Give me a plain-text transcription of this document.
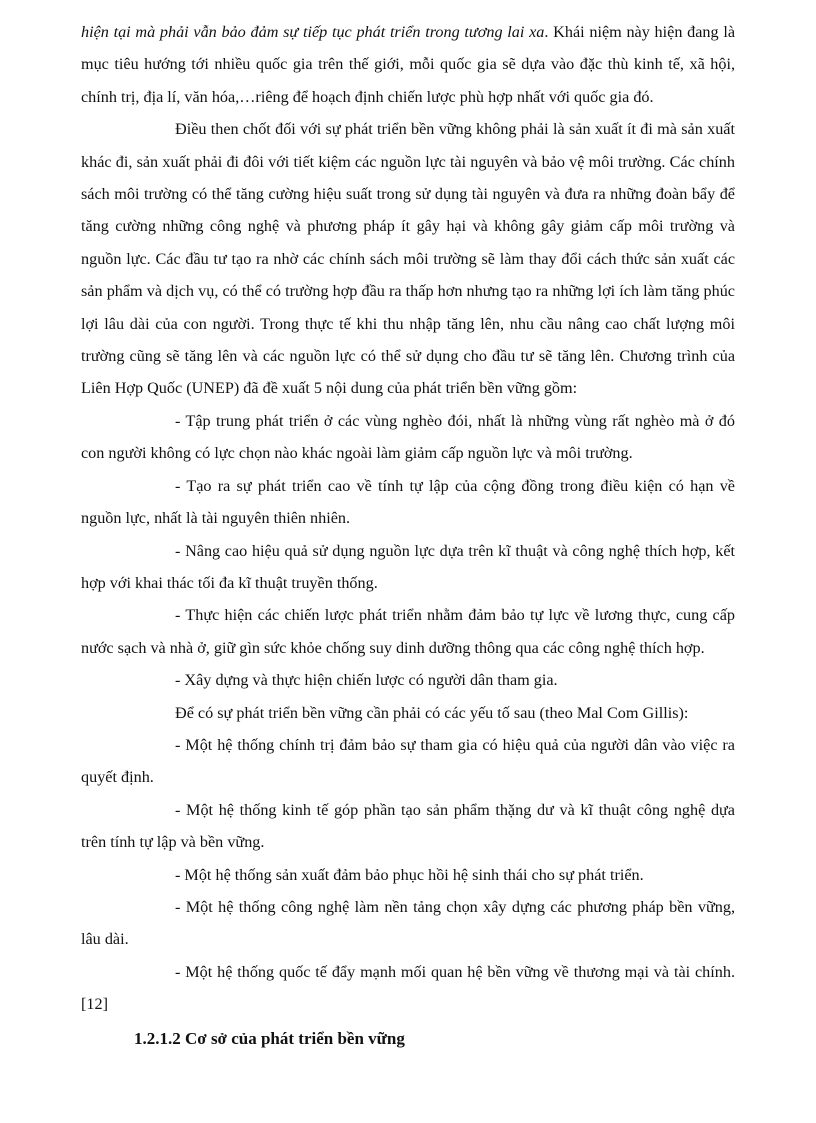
hiện tại mà phải vẫn bảo đảm sự tiếp tục phát triển trong tương lai xa. Khái niệm này hiện đang là mục tiêu hướng tới nhiều quốc gia trên thế giới, mỗi quốc gia sẽ dựa vào đặc thù kinh tế, xã hội, chính trị, địa lí, văn hóa,…riêng để hoạch định chiến lược phù hợp nhất với quốc gia đó.

Điều then chốt đối với sự phát triển bền vững không phải là sản xuất ít đi mà sản xuất khác đi, sản xuất phải đi đôi với tiết kiệm các nguồn lực tài nguyên và bảo vệ môi trường. Các chính sách môi trường có thể tăng cường hiệu suất trong sử dụng tài nguyên và đưa ra những đoàn bẩy để tăng cường những công nghệ và phương pháp ít gây hại và không gây giảm cấp môi trường và nguồn lực. Các đầu tư tạo ra nhờ các chính sách môi trường sẽ làm thay đổi cách thức sản xuất các sản phẩm và dịch vụ, có thể có trường hợp đầu ra thấp hơn nhưng tạo ra những lợi ích làm tăng phúc lợi lâu dài của con người. Trong thực tế khi thu nhập tăng lên, nhu cầu nâng cao chất lượng môi trường cũng sẽ tăng lên và các nguồn lực có thể sử dụng cho đầu tư sẽ tăng lên. Chương trình của Liên Hợp Quốc (UNEP) đã đề xuất 5 nội dung của phát triển bền vững gồm:

- Tập trung phát triển ở các vùng nghèo đói, nhất là những vùng rất nghèo mà ở đó con người không có lực chọn nào khác ngoài làm giảm cấp nguồn lực và môi trường.

- Tạo ra sự phát triển cao về tính tự lập của cộng đồng trong điều kiện có hạn về nguồn lực, nhất là tài nguyên thiên nhiên.

- Nâng cao hiệu quả sử dụng nguồn lực dựa trên kĩ thuật và công nghệ thích hợp, kết hợp với khai thác tối đa kĩ thuật truyền thống.

- Thực hiện các chiến lược phát triển nhằm đảm bảo tự lực về lương thực, cung cấp nước sạch và nhà ở, giữ gìn sức khỏe chống suy dinh dưỡng thông qua các công nghệ thích hợp.

- Xây dựng và thực hiện chiến lược có người dân tham gia.

Để có sự phát triển bền vững cần phải có các yếu tố sau (theo Mal Com Gillis):

- Một hệ thống chính trị đảm bảo sự tham gia có hiệu quả của người dân vào việc ra quyết định.

- Một hệ thống kinh tế góp phần tạo sản phẩm thặng dư và kĩ thuật công nghệ dựa trên tính tự lập và bền vững.

- Một hệ thống sản xuất đảm bảo phục hồi hệ sinh thái cho sự phát triển.

- Một hệ thống công nghệ làm nền tảng chọn xây dựng các phương pháp bền vững, lâu dài.

- Một hệ thống quốc tế đẩy mạnh mối quan hệ bền vững về thương mại và tài chính.[12]

1.2.1.2 Cơ sở của phát triển bền vững
